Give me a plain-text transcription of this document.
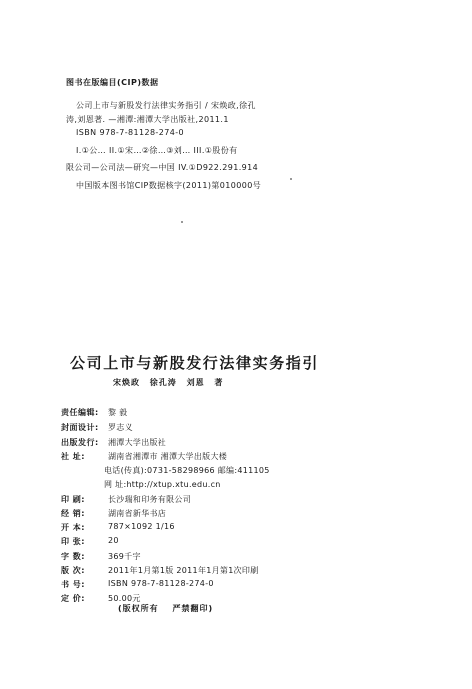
图书在版编目(CIP)数据
公司上市与新股发行法律实务指引 / 宋焕政,徐孔
涛,刘恩著. —湘潭:湘潭大学出版社,2011.1
ISBN 978-7-81128-274-0
I.①公… II.①宋…②徐…③刘… III.①股份有
限公司—公司法—研究—中国 IV.①D922.291.914
中国版本图书馆CIP数据核字(2011)第010000号
公司上市与新股发行法律实务指引
宋焕政 徐孔涛 刘恩 著
责任编辑: 黎 毅
封面设计: 罗志义
出版发行: 湘潭大学出版社
社 址:	湖南省湘潭市 湘潭大学出版大楼
电话(传真):0731-58298966 邮编:411105
网 址:http://xtup.xtu.edu.cn
印 刷:	长沙瑞和印务有限公司
经 销:	湖南省新华书店
开 本:	787×1092 1/16
印 张:	20
字 数:	369千字
版 次:	2011年1月第1版 2011年1月第1次印刷
书 号:	ISBN 978-7-81128-274-0
定 价:	50.00元
(版权所有 严禁翻印)
